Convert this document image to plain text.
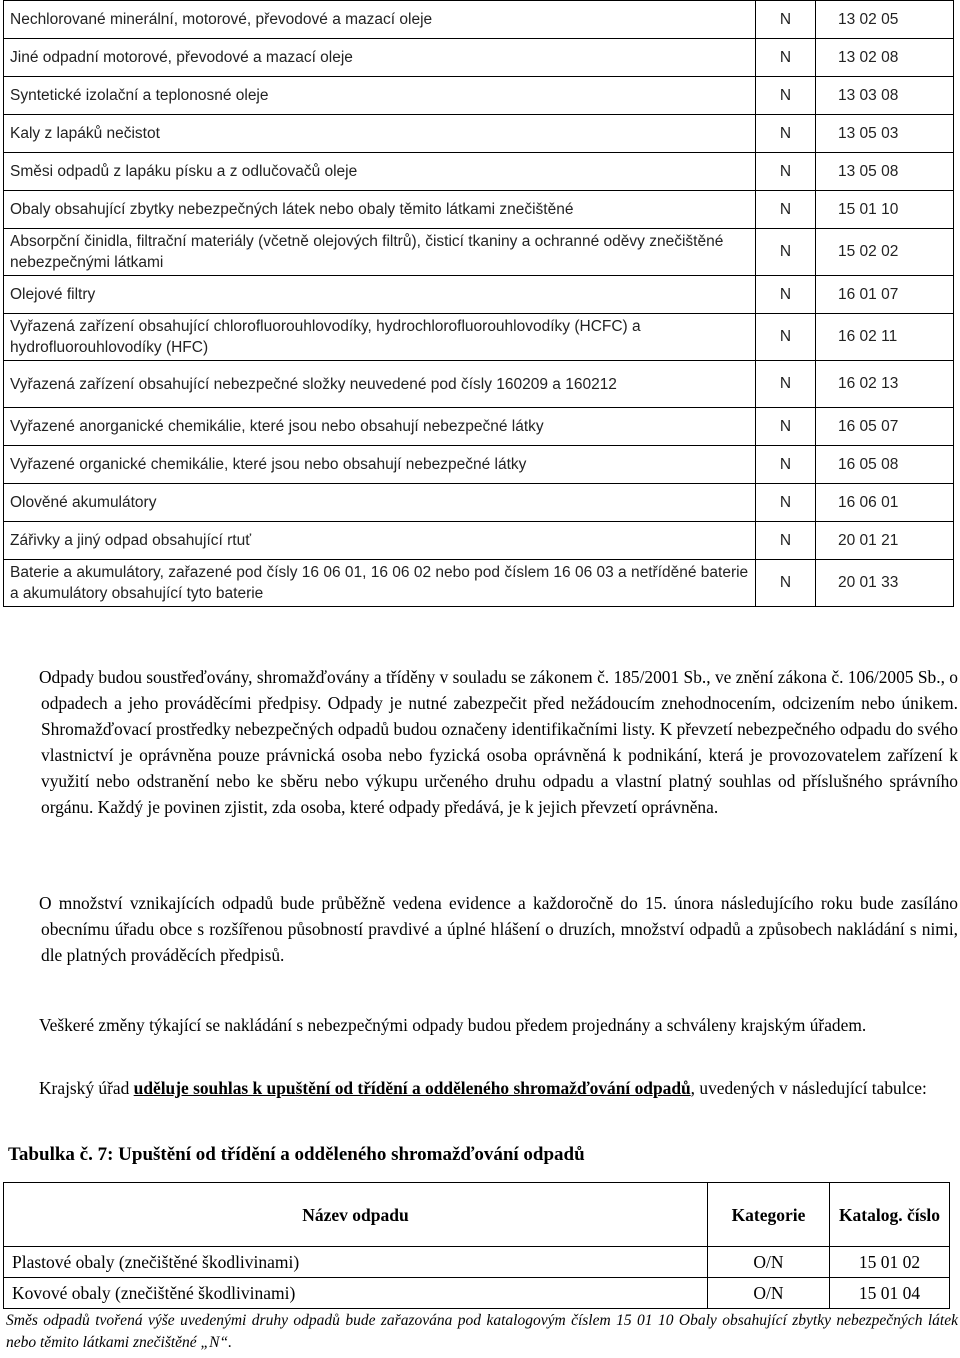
Nechlorované minerální, motorové, převodové a mazací oleje	N	13 02 05
Jiné odpadní motorové, převodové a mazací oleje	N	13 02 08
Syntetické izolační a teplonosné oleje	N	13 03 08
Kaly z lapáků nečistot	N	13 05 03
Směsi odpadů z lapáku písku a z odlučovačů oleje	N	13 05 08
Obaly obsahující zbytky nebezpečných látek nebo obaly těmito látkami znečištěné	N	15 01 10
Absorpční činidla, filtrační materiály (včetně olejových filtrů), čisticí tkaniny a ochranné oděvy znečištěné nebezpečnými látkami	N	15 02 02
Olejové filtry	N	16 01 07
Vyřazená zařízení obsahující chlorofluorouhlovodíky, hydrochlorofluorouhlovodíky (HCFC) a hydrofluorouhlovodíky (HFC)	N	16 02 11
Vyřazená zařízení obsahující nebezpečné složky neuvedené pod čísly 160209 a 160212	N	16 02 13
Vyřazené anorganické chemikálie, které jsou nebo obsahují nebezpečné látky	N	16 05 07
Vyřazené organické chemikálie, které jsou nebo obsahují nebezpečné látky	N	16 05 08
Olověné akumulátory	N	16 06 01
Zářivky a jiný odpad obsahující rtuť	N	20 01 21
Baterie a akumulátory, zařazené pod čísly 16 06 01, 16 06 02 nebo pod číslem 16 06 03 a netříděné baterie a akumulátory obsahující tyto baterie	N	20 01 33
Odpady budou soustřeďovány, shromažďovány a tříděny v souladu se zákonem č. 185/2001 Sb., ve znění zákona č. 106/2005 Sb., o odpadech a jeho prováděcími předpisy. Odpady je nutné zabezpečit před nežádoucím znehodnocením, odcizením nebo únikem. Shromažďovací prostředky nebezpečných odpadů budou označeny identifikačními listy. K převzetí nebezpečného odpadu do svého vlastnictví je oprávněna pouze právnická osoba nebo fyzická osoba oprávněná k podnikání, která je provozovatelem zařízení k využití nebo odstranění nebo ke sběru nebo výkupu určeného druhu odpadu a vlastní platný souhlas od příslušného správního orgánu. Každý je povinen zjistit, zda osoba, které odpady předává, je k jejich převzetí oprávněna.
O množství vznikajících odpadů bude průběžně vedena evidence a každoročně do 15. února následujícího roku bude zasíláno obecnímu úřadu obce s rozšířenou působností pravdivé a úplné hlášení o druzích, množství odpadů a způsobech nakládání s nimi, dle platných prováděcích předpisů.
Veškeré změny týkající se nakládání s nebezpečnými odpady budou předem projednány a schváleny krajským úřadem.
Krajský úřad uděluje souhlas k upuštění od třídění a odděleného shromažďování odpadů, uvedených v následující tabulce:
Tabulka č. 7: Upuštění od třídění a odděleného shromažďování odpadů
Název odpadu	Kategorie	Katalog. číslo
Plastové obaly (znečištěné škodlivinami)	O/N	15 01 02
Kovové obaly (znečištěné škodlivinami)	O/N	15 01 04
Směs odpadů tvořená výše uvedenými druhy odpadů bude zařazována pod katalogovým číslem 15 01 10 Obaly obsahující zbytky nebezpečných látek nebo těmito látkami znečištěné „N“.
